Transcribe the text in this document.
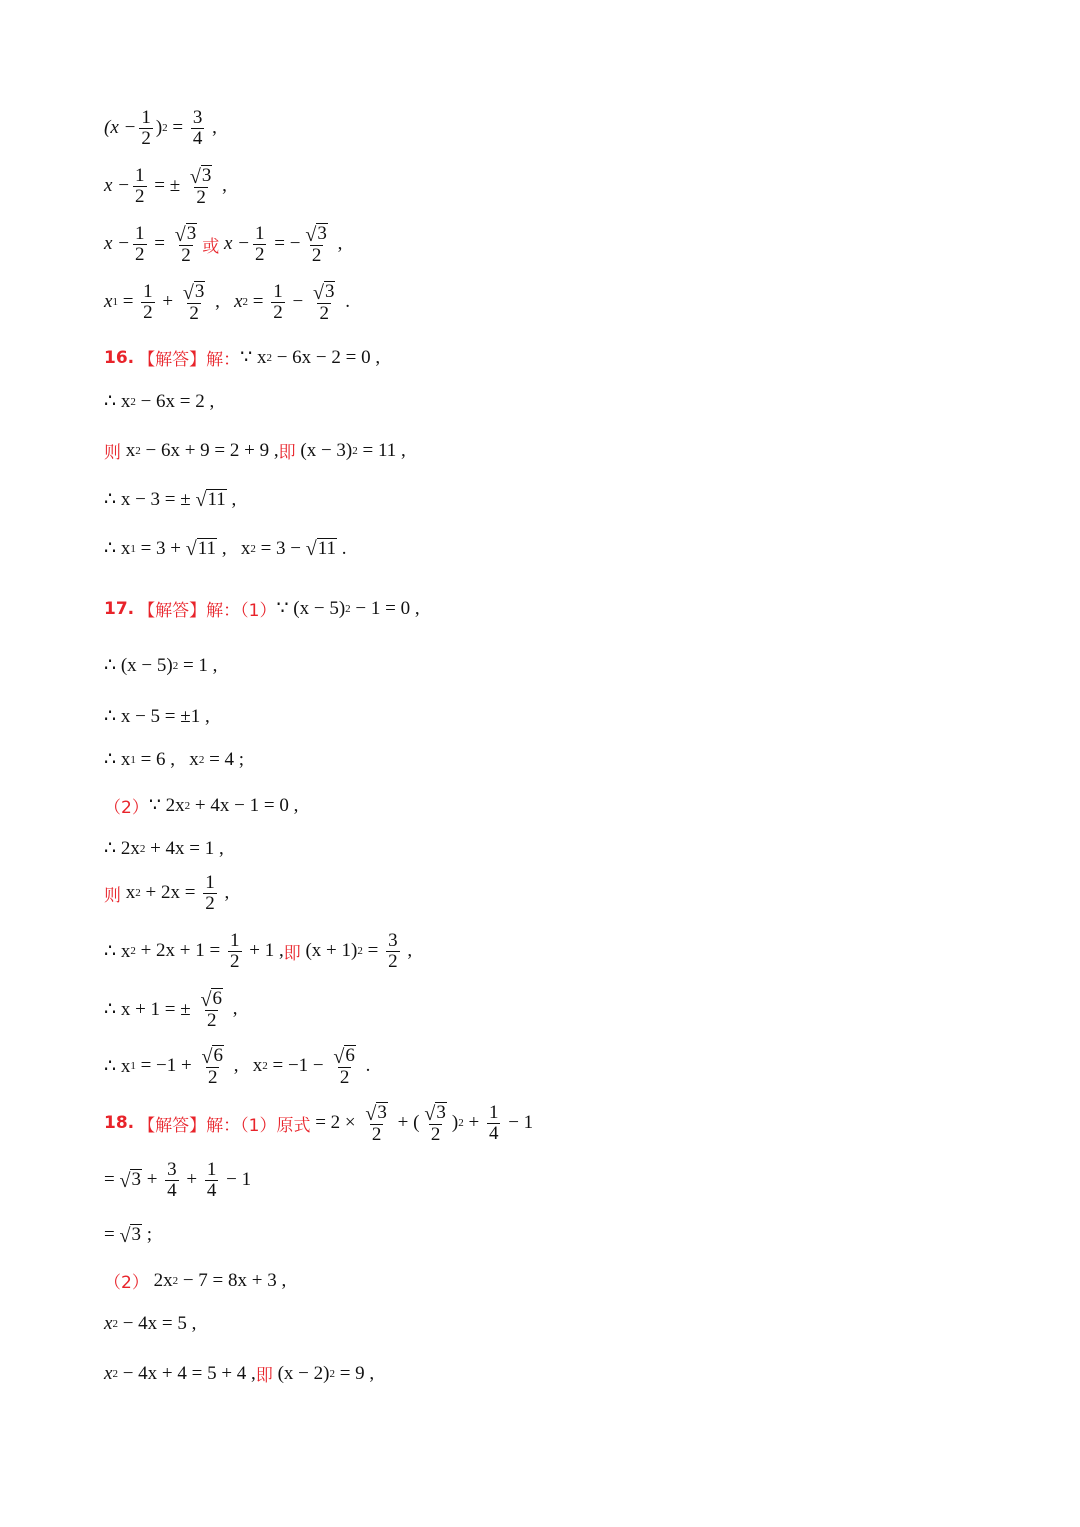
($x - \frac{1}{2}$ ) $2 = \frac{3}{4}$ ,
$x - \frac{1}{2}$ = ± $\frac{√ 3}{2}$ ,
$x - \frac{1}{2} = \frac{√ 3}{2}$ 或 $x - \frac{1}{2}$ = − $\frac{√ 3}{2}$ ,
x $1 = \frac{1}{2} + \frac{√ 3}{2}$ , x $2 = \frac{1}{2} - \frac{√ 3}{2}$ .
16. 【解答】解： ∵ x 2 − 6x − 2 = 0 ,
∴ x 2 − 6x = 2 ,
则 x 2 − 6x + 9 = 2 + 9 , 即 (x − 3) 2 = 11 ,
∴ x − 3 = ± √ 11 ,
∴ x 1 = 3 + √ 11 ,   x 2 = 3 − √ 11 .
17. 【解答】解：（1） ∵ (x − 5) 2 − 1 = 0 ,
∴ (x − 5) 2 = 1 ,
∴ x − 5 = ±1 ,
∴ x 1 = 6 ,   x 2 = 4 ;
（2） ∵ 2x 2 + 4x − 1 = 0 ,
∴ 2x 2 + 4x = 1 ,
则 x $2 + 2x = \frac{1}{2}$ ,
∴ x $2 + 2x + 1 = \frac{1}{2} + 1$ , 即 (x + 1) $2 = \frac{3}{2}$ ,
∴ x + 1 = ± $\frac{√ 6}{2}$ ,
∴ x $1 = -1 + \frac{√ 6}{2}$ ,   x $2 = -1 - \frac{√ 6}{2}$ .
18. 【解答】解：（1）原式 = $2 \times \frac{√ 3}{2}$ + ( $\frac{√ 3}{2}$ ) $2 + \frac{1}{4} - 1$
= √ $3 + \frac{3}{4} + \frac{1}{4} - 1$
= √ 3 ;
（2） 2x 2 − 7 = 8x + 3 ,
x 2 − 4x = 5 ,
x 2 − 4x + 4 = 5 + 4 , 即 (x − 2) 2 = 9 ,
